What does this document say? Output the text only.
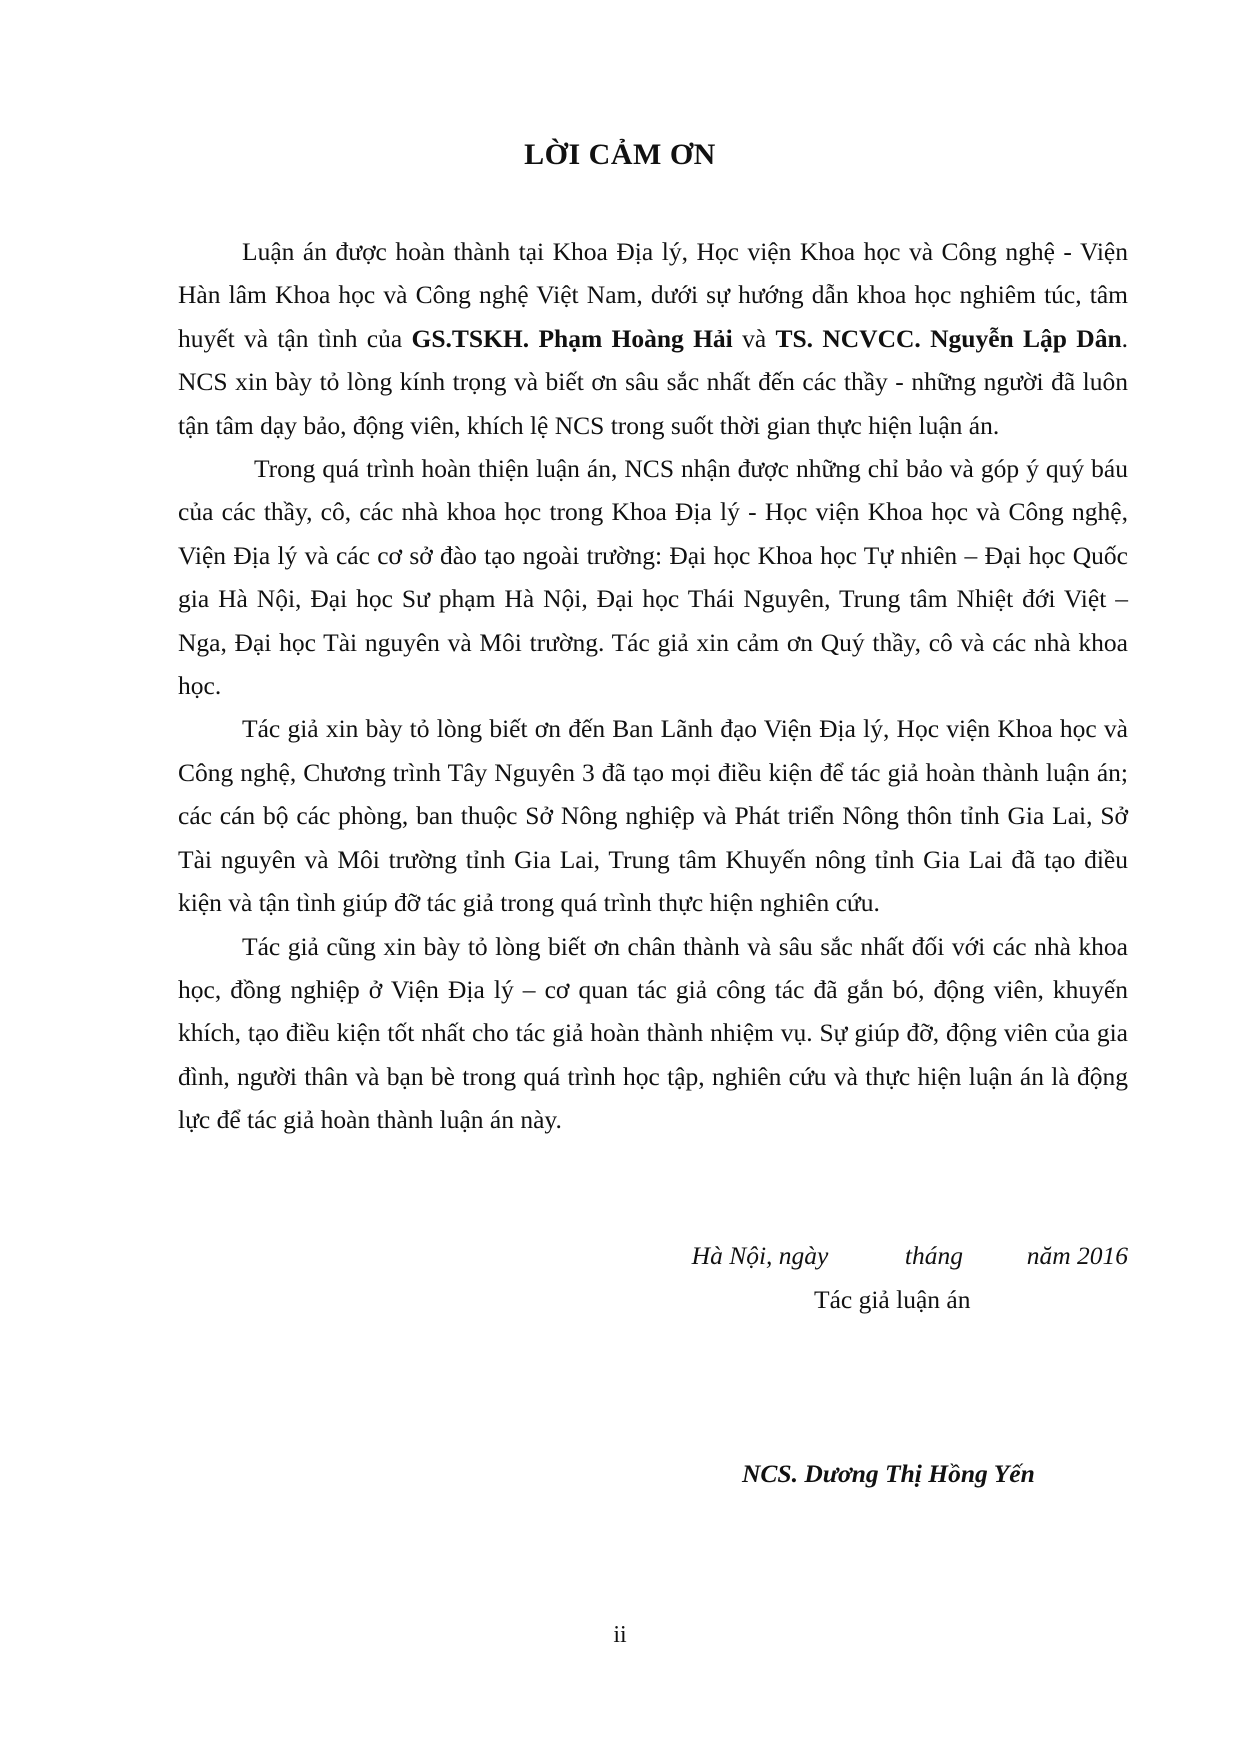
LỜI CẢM ƠN

Luận án được hoàn thành tại Khoa Địa lý, Học viện Khoa học và Công nghệ - Viện Hàn lâm Khoa học và Công nghệ Việt Nam, dưới sự hướng dẫn khoa học nghiêm túc, tâm huyết và tận tình của GS.TSKH. Phạm Hoàng Hải và TS. NCVCC. Nguyễn Lập Dân. NCS xin bày tỏ lòng kính trọng và biết ơn sâu sắc nhất đến các thầy - những người đã luôn tận tâm dạy bảo, động viên, khích lệ NCS trong suốt thời gian thực hiện luận án.

Trong quá trình hoàn thiện luận án, NCS nhận được những chỉ bảo và góp ý quý báu của các thầy, cô, các nhà khoa học trong Khoa Địa lý - Học viện Khoa học và Công nghệ, Viện Địa lý và các cơ sở đào tạo ngoài trường: Đại học Khoa học Tự nhiên – Đại học Quốc gia Hà Nội, Đại học Sư phạm Hà Nội, Đại học Thái Nguyên, Trung tâm Nhiệt đới Việt – Nga, Đại học Tài nguyên và Môi trường. Tác giả xin cảm ơn Quý thầy, cô và các nhà khoa học.

Tác giả xin bày tỏ lòng biết ơn đến Ban Lãnh đạo Viện Địa lý, Học viện Khoa học và Công nghệ, Chương trình Tây Nguyên 3 đã tạo mọi điều kiện để tác giả hoàn thành luận án; các cán bộ các phòng, ban thuộc Sở Nông nghiệp và Phát triển Nông thôn tỉnh Gia Lai, Sở Tài nguyên và Môi trường tỉnh Gia Lai, Trung tâm Khuyến nông tỉnh Gia Lai đã tạo điều kiện và tận tình giúp đỡ tác giả trong quá trình thực hiện nghiên cứu.

Tác giả cũng xin bày tỏ lòng biết ơn chân thành và sâu sắc nhất đối với các nhà khoa học, đồng nghiệp ở Viện Địa lý – cơ quan tác giả công tác đã gắn bó, động viên, khuyến khích, tạo điều kiện tốt nhất cho tác giả hoàn thành nhiệm vụ. Sự giúp đỡ, động viên của gia đình, người thân và bạn bè trong quá trình học tập, nghiên cứu và thực hiện luận án là động lực để tác giả hoàn thành luận án này.

Hà Nội, ngày	tháng	năm 2016
Tác giả luận án
NCS. Dương Thị Hồng Yến
ii
